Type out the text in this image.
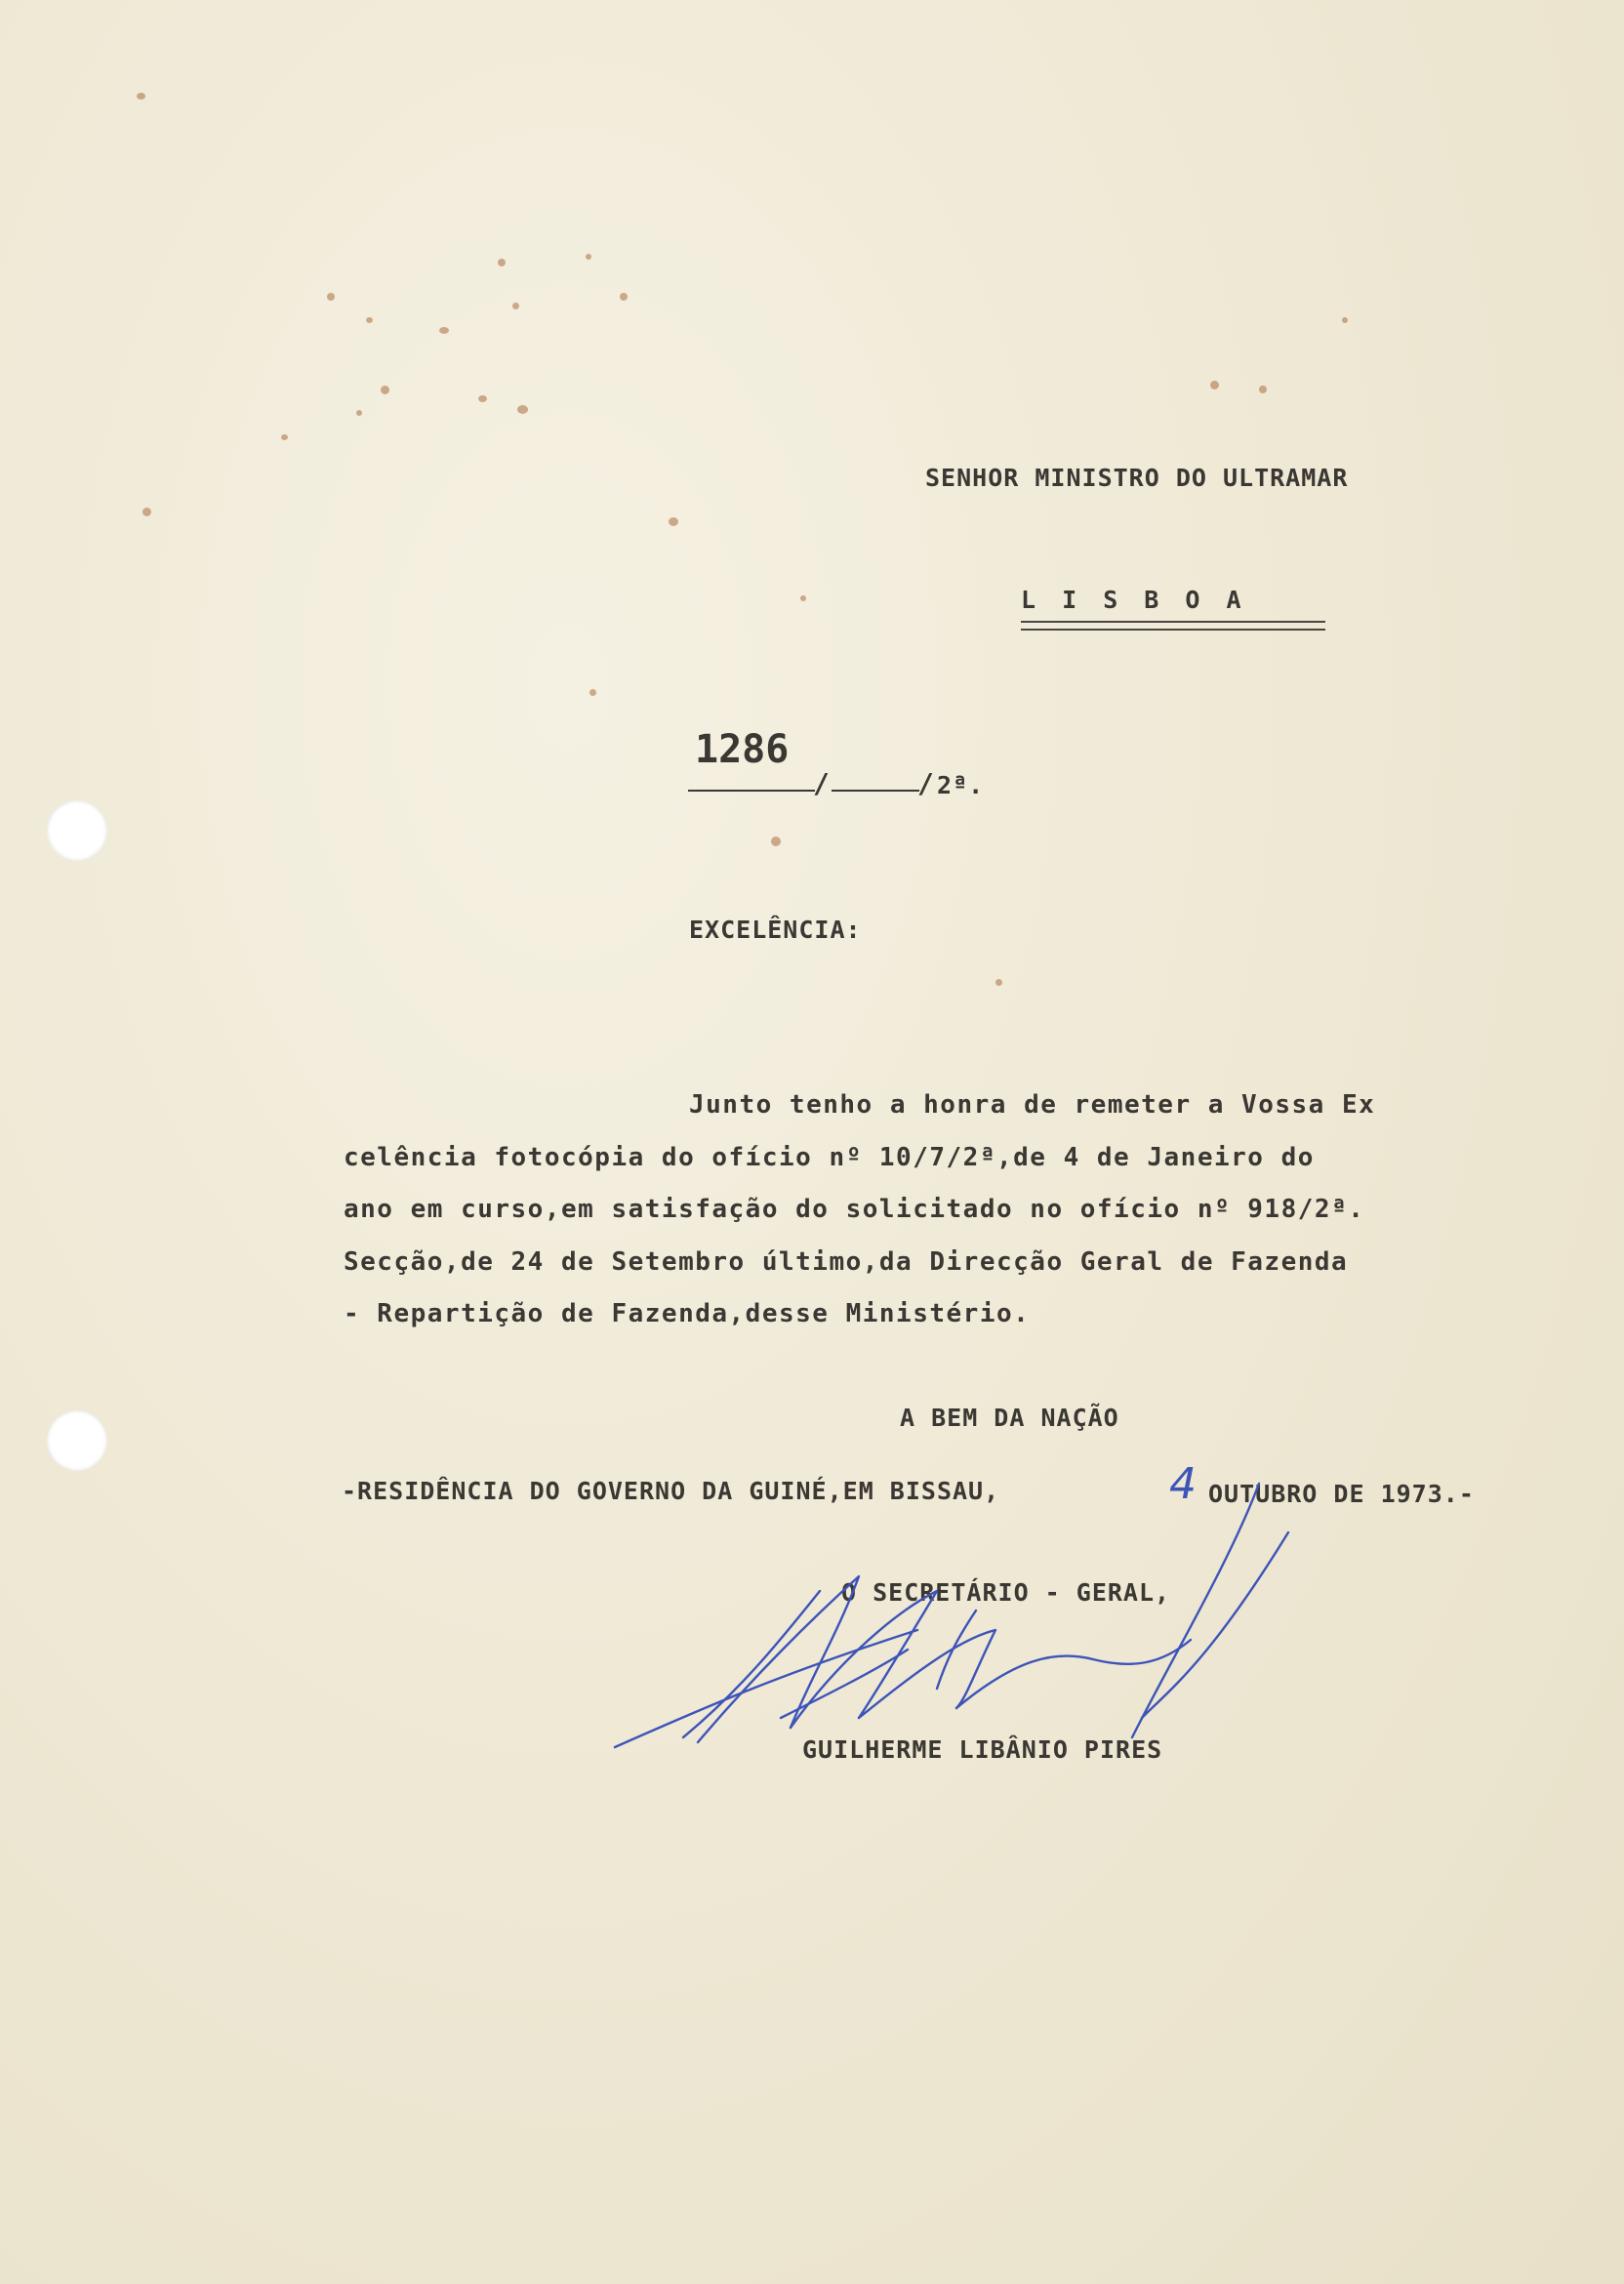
SENHOR MINISTRO DO ULTRAMAR
L I S B O A
1286
/	/ 2ª.
EXCELÊNCIA:
Junto tenho a honra de remeter a Vossa Ex
celência fotocópia do ofício nº 10/7/2ª,de 4 de Janeiro do
ano em curso,em satisfação do solicitado no ofício nº 918/2ª.
Secção,de 24 de Setembro último,da Direcção Geral de Fazenda
- Repartição de Fazenda,desse Ministério.
A BEM DA NAÇÃO
-RESIDÊNCIA DO GOVERNO DA GUINÉ,EM BISSAU,	4 OUTUBRO DE 1973.-
O SECRETÁRIO - GERAL,
GUILHERME LIBÂNIO PIRES
